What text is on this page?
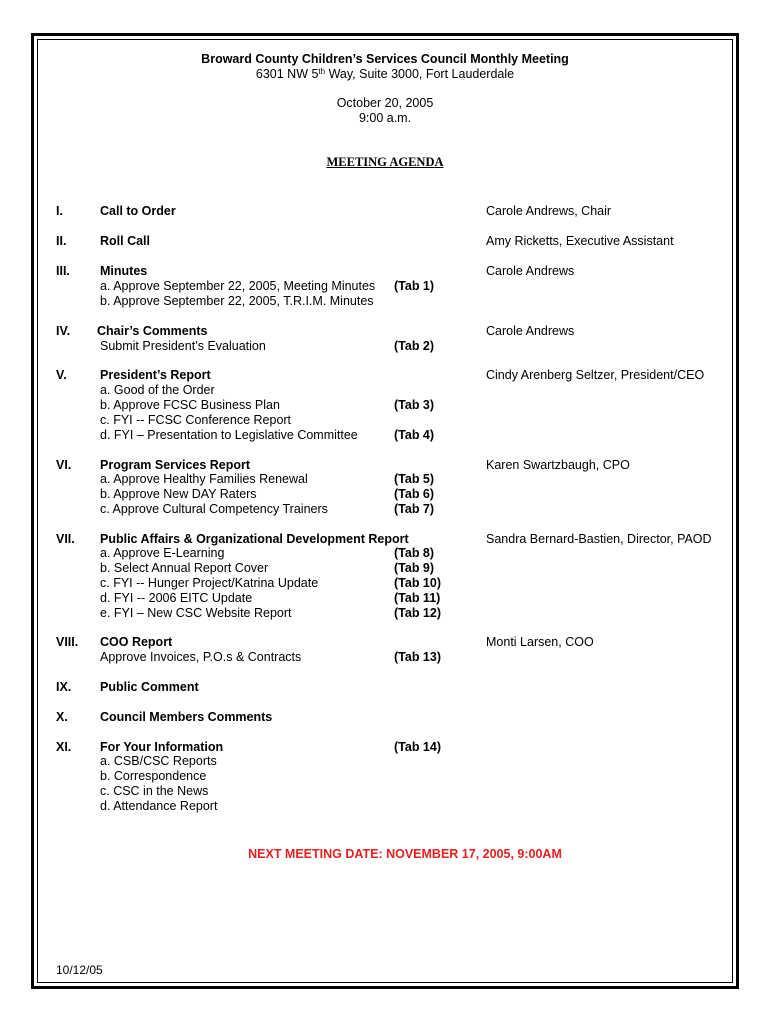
Broward County Children’s Services Council Monthly Meeting
6301 NW 5th Way, Suite 3000, Fort Lauderdale
October 20, 2005
9:00 a.m.
MEETING AGENDA
I.	Call to Order	Carole Andrews, Chair
II.	Roll Call	Amy Ricketts, Executive Assistant
III. Minutes	Carole Andrews
a. Approve September 22, 2005, Meeting Minutes (Tab 1)
b. Approve September 22, 2005, T.R.I.M. Minutes
IV. Chair’s Comments	Carole Andrews
Submit President’s Evaluation	(Tab 2)
V.	President’s Report	Cindy Arenberg Seltzer, President/CEO
a. Good of the Order
b. Approve FCSC Business Plan	(Tab 3)
c. FYI -- FCSC Conference Report
d. FYI – Presentation to Legislative Committee	(Tab 4)
VI. Program Services Report	Karen Swartzbaugh, CPO
a. Approve Healthy Families Renewal	(Tab 5)
b. Approve New DAY Raters	(Tab 6)
c. Approve Cultural Competency Trainers	(Tab 7)
VII. Public Affairs & Organizational Development Report	Sandra Bernard-Bastien, Director, PAOD
a. Approve E-Learning	(Tab 8)
b. Select Annual Report Cover	(Tab 9)
c. FYI -- Hunger Project/Katrina Update	(Tab 10)
d. FYI -- 2006 EITC Update	(Tab 11)
e. FYI – New CSC Website Report	(Tab 12)
VIII. COO Report	Monti Larsen, COO
Approve Invoices, P.O.s & Contracts	(Tab 13)
IX. Public Comment
X.	Council Members Comments
XI. For Your Information	(Tab 14)
a. CSB/CSC Reports
b. Correspondence
c. CSC in the News
d. Attendance Report
NEXT MEETING DATE: NOVEMBER 17, 2005, 9:00AM
10/12/05
